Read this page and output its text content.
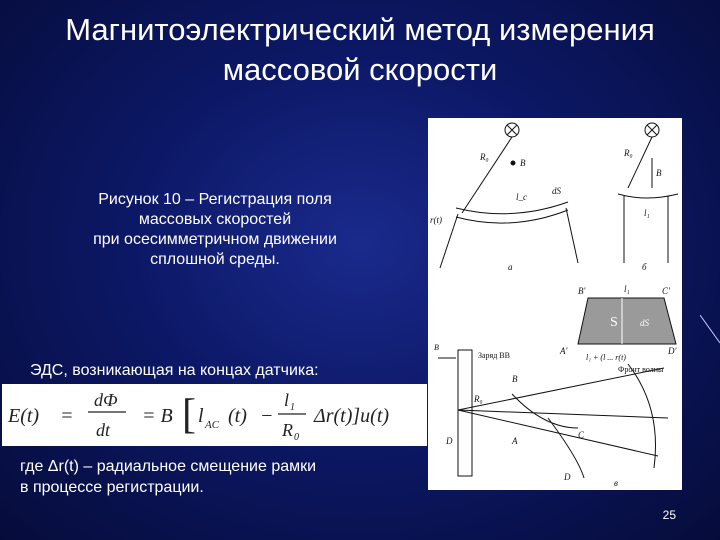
Магнитоэлектрический метод измерения
массовой скорости
Рисунок 10 – Регистрация поля
массовых скоростей
при осесимметричном движении
сплошной среды.
ЭДС, возникающая на концах датчика:
E(t) =
dФ
dt
= B [ l AC (t) −
l 1
R 0
Δr(t)]u(t)
где Δr(t) – радиальное смещение рамки
в процессе регистрации.
R₀
B
r(t)
l_c
dS
а
R₀
B
l₁
б
B'	C'
l₁
S dS
A'	D'
l₁ + (l ... r(t)
B
Заряд ВВ
Фронт волны
R₀
B
A
C
D
D
в
25
